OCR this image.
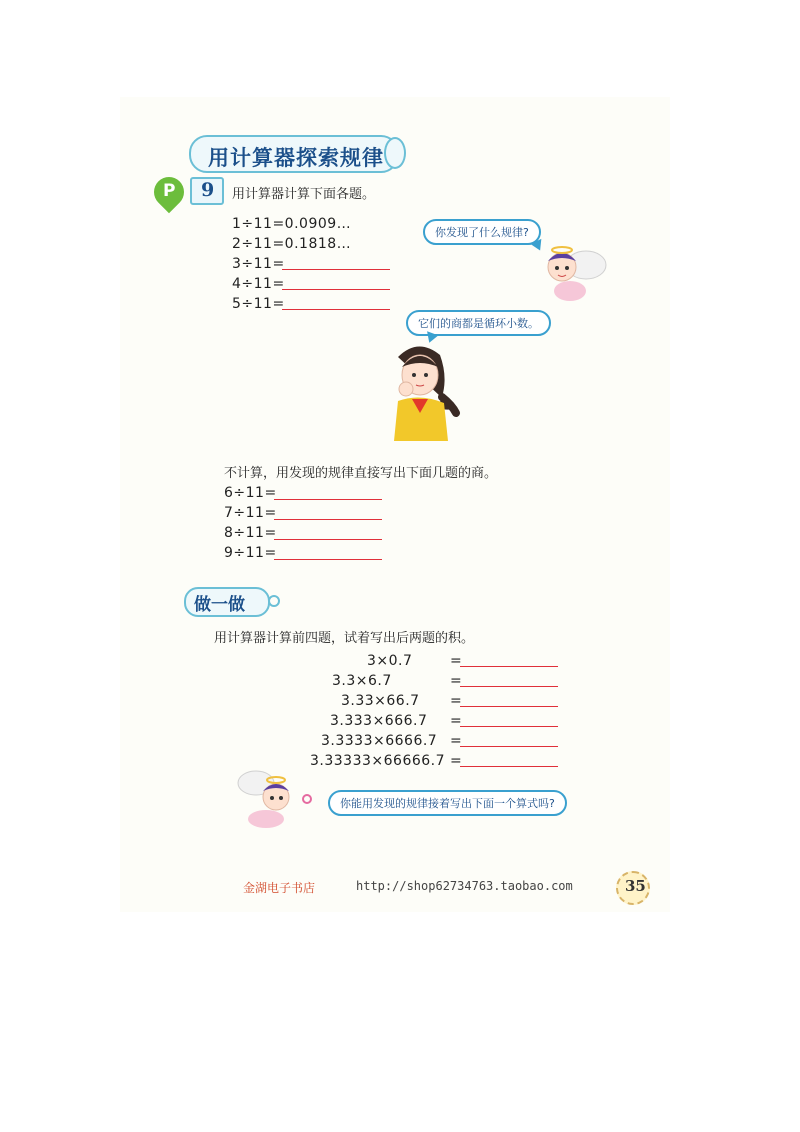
用计算器探索规律
P 9 用计算器计算下面各题。
1÷11=0.0909…
2÷11=0.1818…
3÷11=
4÷11=
5÷11=
你发现了什么规律?
它们的商都是循环小数。
不计算，用发现的规律直接写出下面几题的商。
6÷11=
7÷11=
8÷11=
9÷11=
做一做
用计算器计算前四题，试着写出后两题的积。
3×0.7
3.3×6.7
3.33×66.7
3.333×666.7
3.3333×6666.7
3.33333×66666.7
=
=
=
=
=
=
你能用发现的规律接着写出下面一个算式吗?
金湖电子书店	http://shop62734763.taobao.com	35
